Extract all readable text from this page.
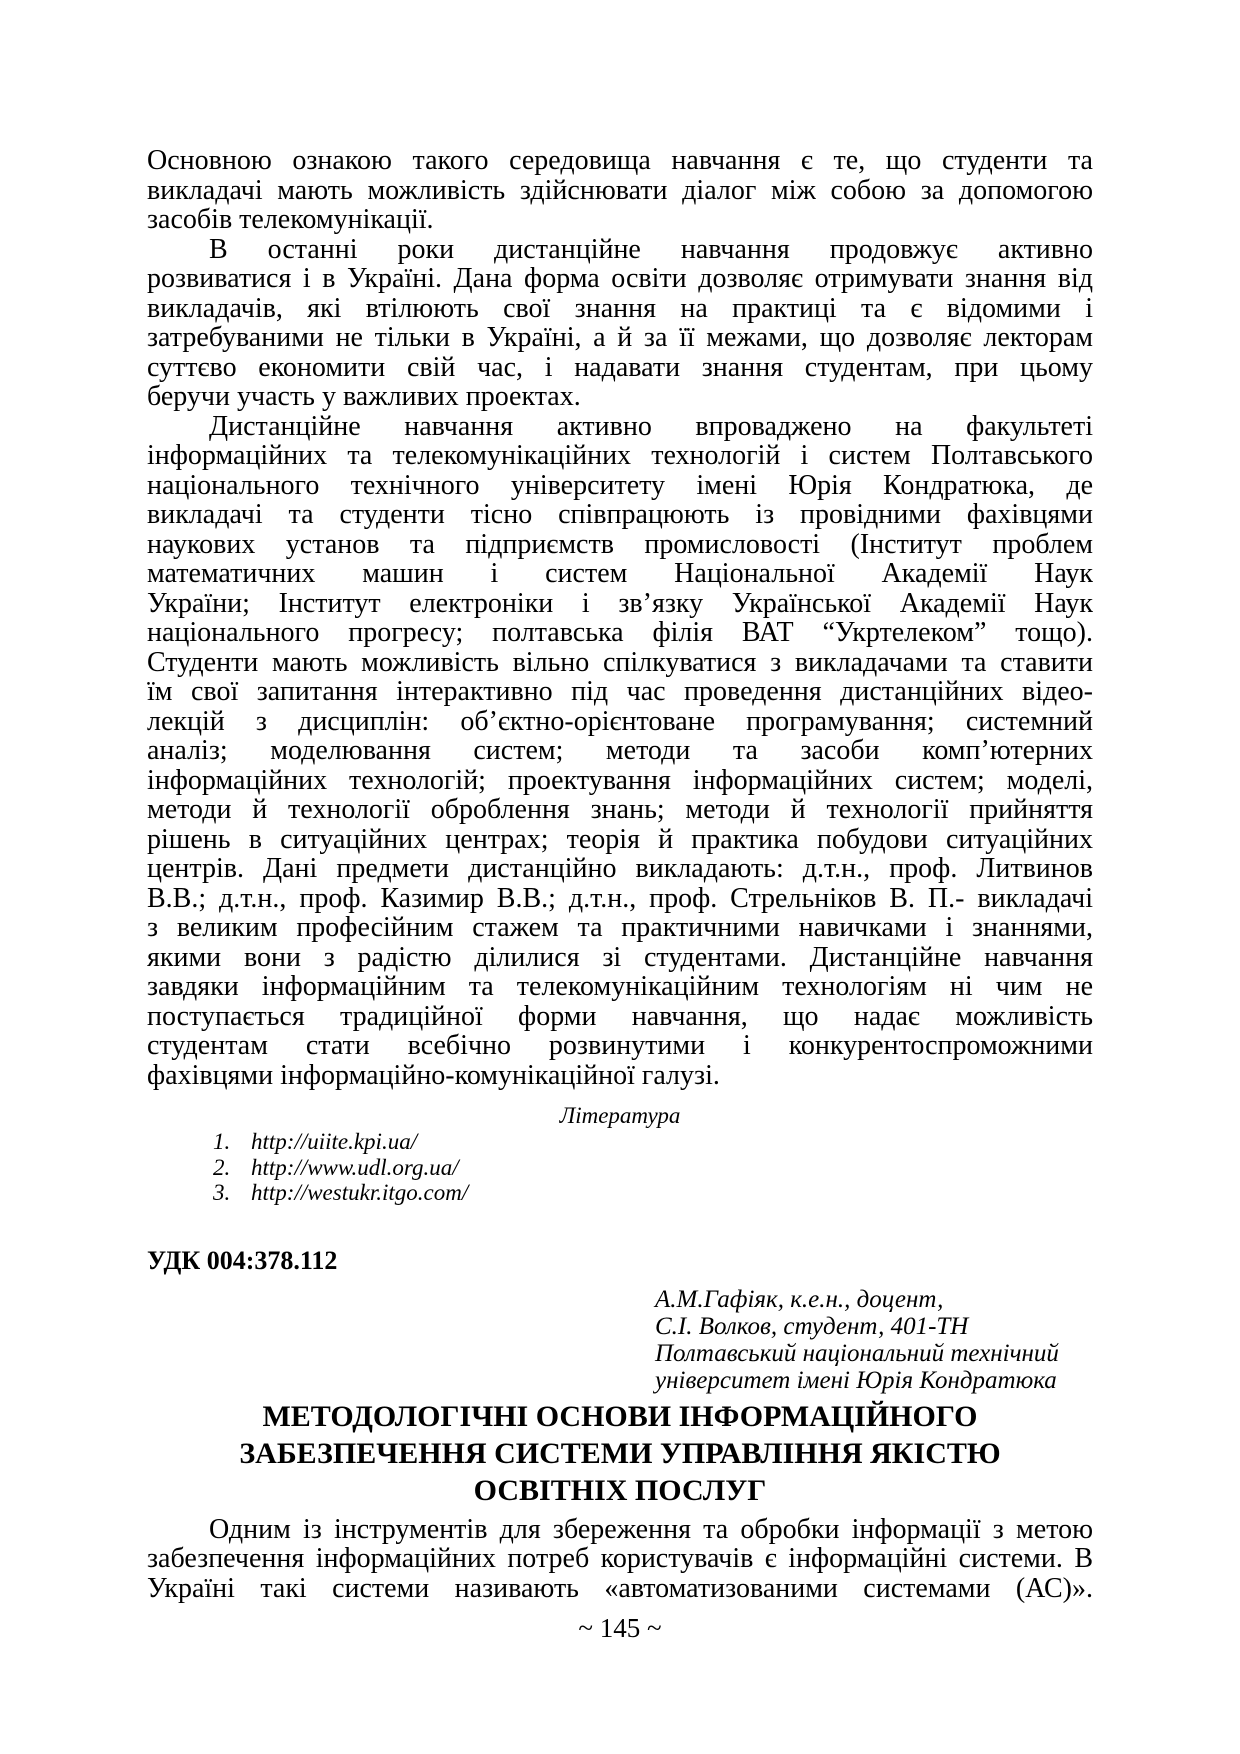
Основною ознакою такого середовища навчання є те, що студенти та
викладачі мають можливість здійснювати діалог між собою за допомогою
засобів телекомунікації.
В останні роки дистанційне навчання продовжує активно
розвиватися і в Україні. Дана форма освіти дозволяє отримувати знання від
викладачів, які втілюють свої знання на практиці та є відомими і
затребуваними не тільки в Україні, а й за її межами, що дозволяє лекторам
суттєво економити свій час, і надавати знання студентам, при цьому
беручи участь у важливих проектах.
Дистанційне навчання активно впроваджено на факультеті
інформаційних та телекомунікаційних технологій і систем Полтавського
національного технічного університету імені Юрія Кондратюка, де
викладачі та студенти тісно співпрацюють із провідними фахівцями
наукових установ та підприємств промисловості (Інститут проблем
математичних машин і систем Національної Академії Наук
України; Інститут електроніки і зв’язку Української Академії Наук
національного прогресу; полтавська філія ВАТ “Укртелеком” тощо).
Студенти мають можливість вільно спілкуватися з викладачами та ставити
їм свої запитання інтерактивно під час проведення дистанційних відео-
лекцій з дисциплін: об’єктно-орієнтоване програмування; системний
аналіз; моделювання систем; методи та засоби комп’ютерних
інформаційних технологій; проектування інформаційних систем; моделі,
методи й технології оброблення знань; методи й технології прийняття
рішень в ситуаційних центрах; теорія й практика побудови ситуаційних
центрів. Дані предмети дистанційно викладають: д.т.н., проф. Литвинов
В.В.; д.т.н., проф. Казимир В.В.; д.т.н., проф. Стрельніков В. П.- викладачі
з великим професійним стажем та практичними навичками і знаннями,
якими вони з радістю ділилися зі студентами. Дистанційне навчання
завдяки інформаційним та телекомунікаційним технологіям ні чим не
поступається традиційної форми навчання, що надає можливість
студентам стати всебічно розвинутими і конкурентоспроможними
фахівцями інформаційно-комунікаційної галузі.
Література
1. http://uiite.kpi.ua/
2. http://www.udl.org.ua/
3. http://westukr.itgo.com/
УДК 004:378.112
А.М.Гафіяк, к.е.н., доцент,
С.І. Волков, студент, 401-ТН
Полтавський національний технічний
університет імені Юрія Кондратюка
МЕТОДОЛОГІЧНІ ОСНОВИ ІНФОРМАЦІЙНОГО
ЗАБЕЗПЕЧЕННЯ СИСТЕМИ УПРАВЛІННЯ ЯКІСТЮ
ОСВІТНІХ ПОСЛУГ
Одним із інструментів для збереження та обробки інформації з метою
забезпечення інформаційних потреб користувачів є інформаційні системи. В
Україні такі системи називають «автоматизованими системами (АС)».
~ 145 ~
